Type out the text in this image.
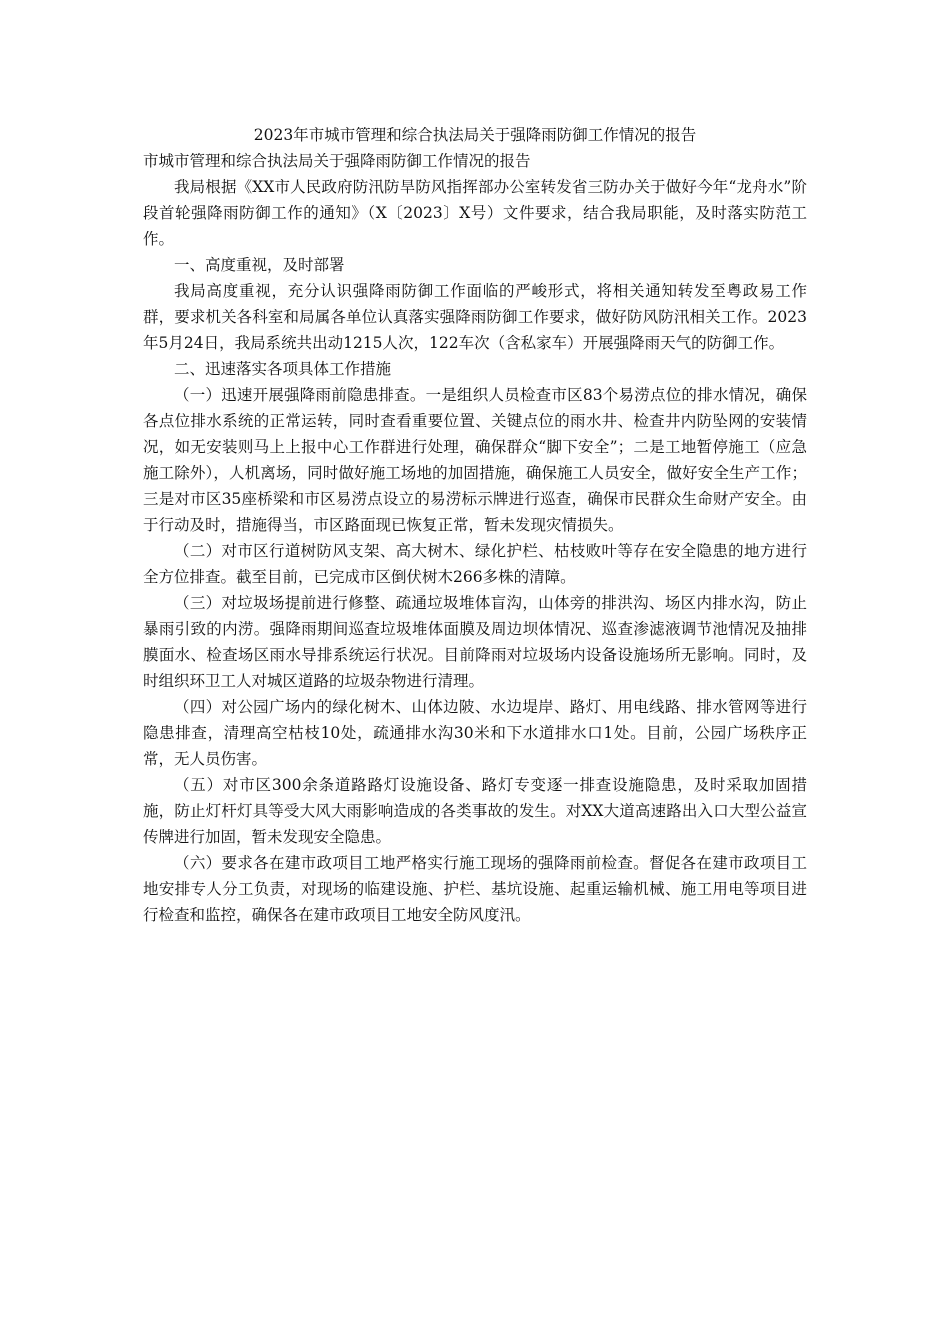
2023年市城市管理和综合执法局关于强降雨防御工作情况的报告

市城市管理和综合执法局关于强降雨防御工作情况的报告

我局根据《XX市人民政府防汛防旱防风指挥部办公室转发省三防办关于做好今年“龙舟水”阶段首轮强降雨防御工作的通知》（X〔2023〕X号）文件要求，结合我局职能，及时落实防范工作。

一、高度重视，及时部署

我局高度重视，充分认识强降雨防御工作面临的严峻形式，将相关通知转发至粤政易工作群，要求机关各科室和局属各单位认真落实强降雨防御工作要求，做好防风防汛相关工作。2023年5月24日，我局系统共出动1215人次，122车次（含私家车）开展强降雨天气的防御工作。

二、迅速落实各项具体工作措施

（一）迅速开展强降雨前隐患排查。一是组织人员检查市区83个易涝点位的排水情况，确保各点位排水系统的正常运转，同时查看重要位置、关键点位的雨水井、检查井内防坠网的安装情况，如无安装则马上上报中心工作群进行处理，确保群众“脚下安全”；二是工地暂停施工（应急施工除外），人机离场，同时做好施工场地的加固措施，确保施工人员安全，做好安全生产工作；三是对市区35座桥梁和市区易涝点设立的易涝标示牌进行巡查，确保市民群众生命财产安全。由于行动及时，措施得当，市区路面现已恢复正常，暂未发现灾情损失。

（二）对市区行道树防风支架、高大树木、绿化护栏、枯枝败叶等存在安全隐患的地方进行全方位排查。截至目前，已完成市区倒伏树木266多株的清障。

（三）对垃圾场提前进行修整、疏通垃圾堆体盲沟，山体旁的排洪沟、场区内排水沟，防止暴雨引致的内涝。强降雨期间巡查垃圾堆体面膜及周边坝体情况、巡查渗滤液调节池情况及抽排膜面水、检查场区雨水导排系统运行状况。目前降雨对垃圾场内设备设施场所无影响。同时，及时组织环卫工人对城区道路的垃圾杂物进行清理。

（四）对公园广场内的绿化树木、山体边陂、水边堤岸、路灯、用电线路、排水管网等进行隐患排查，清理高空枯枝10处，疏通排水沟30米和下水道排水口1处。目前，公园广场秩序正常，无人员伤害。

（五）对市区300余条道路路灯设施设备、路灯专变逐一排查设施隐患，及时采取加固措施，防止灯杆灯具等受大风大雨影响造成的各类事故的发生。对XX大道高速路出入口大型公益宣传牌进行加固，暂未发现安全隐患。

（六）要求各在建市政项目工地严格实行施工现场的强降雨前检查。督促各在建市政项目工地安排专人分工负责，对现场的临建设施、护栏、基坑设施、起重运输机械、施工用电等项目进行检查和监控，确保各在建市政项目工地安全防风度汛。
